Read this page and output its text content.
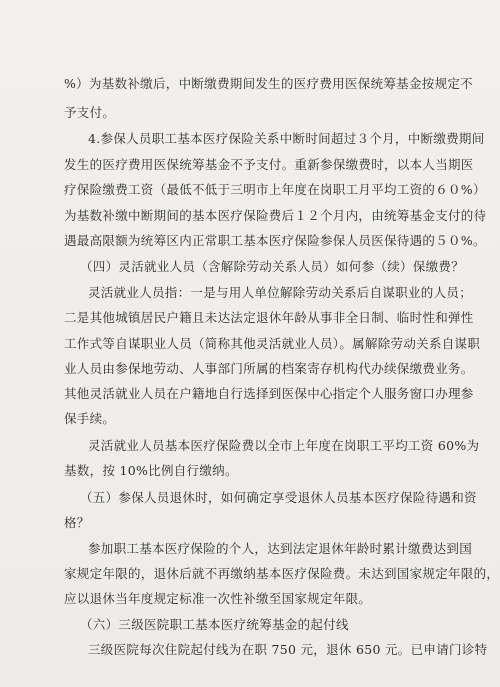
%）为基数补缴后，中断缴费期间发生的医疗费用医保统筹基金按规定不
予支付。
4.参保人员职工基本医疗保险关系中断时间超过３个月，中断缴费期间
发生的医疗费用医保统筹基金不予支付。重新参保缴费时，以本人当期医
疗保险缴费工资（最低不低于三明市上年度在岗职工月平均工资的６０%）
为基数补缴中断期间的基本医疗保险费后１２个月内，由统筹基金支付的待
遇最高限额为统筹区内正常职工基本医疗保险参保人员医保待遇的５０%。
（四）灵活就业人员（含解除劳动关系人员）如何参（续）保缴费？
灵活就业人员指：一是与用人单位解除劳动关系后自谋职业的人员；
二是其他城镇居民户籍且未达法定退休年龄从事非全日制、临时性和弹性
工作式等自谋职业人员（简称其他灵活就业人员）。属解除劳动关系自谋职
业人员由参保地劳动、人事部门所属的档案寄存机构代办续保缴费业务。
其他灵活就业人员在户籍地自行选择到医保中心指定个人服务窗口办理参
保手续。
灵活就业人员基本医疗保险费以全市上年度在岗职工平均工资 60%为
基数，按 10%比例自行缴纳。
（五）参保人员退休时，如何确定享受退休人员基本医疗保险待遇和资
格？
参加职工基本医疗保险的个人，达到法定退休年龄时累计缴费达到国
家规定年限的，退休后就不再缴纳基本医疗保险费。未达到国家规定年限的，
应以退休当年度规定标准一次性补缴至国家规定年限。
（六）三级医院职工基本医疗统筹基金的起付线
三级医院每次住院起付线为在职 750 元，退休 650 元。已申请门诊特
